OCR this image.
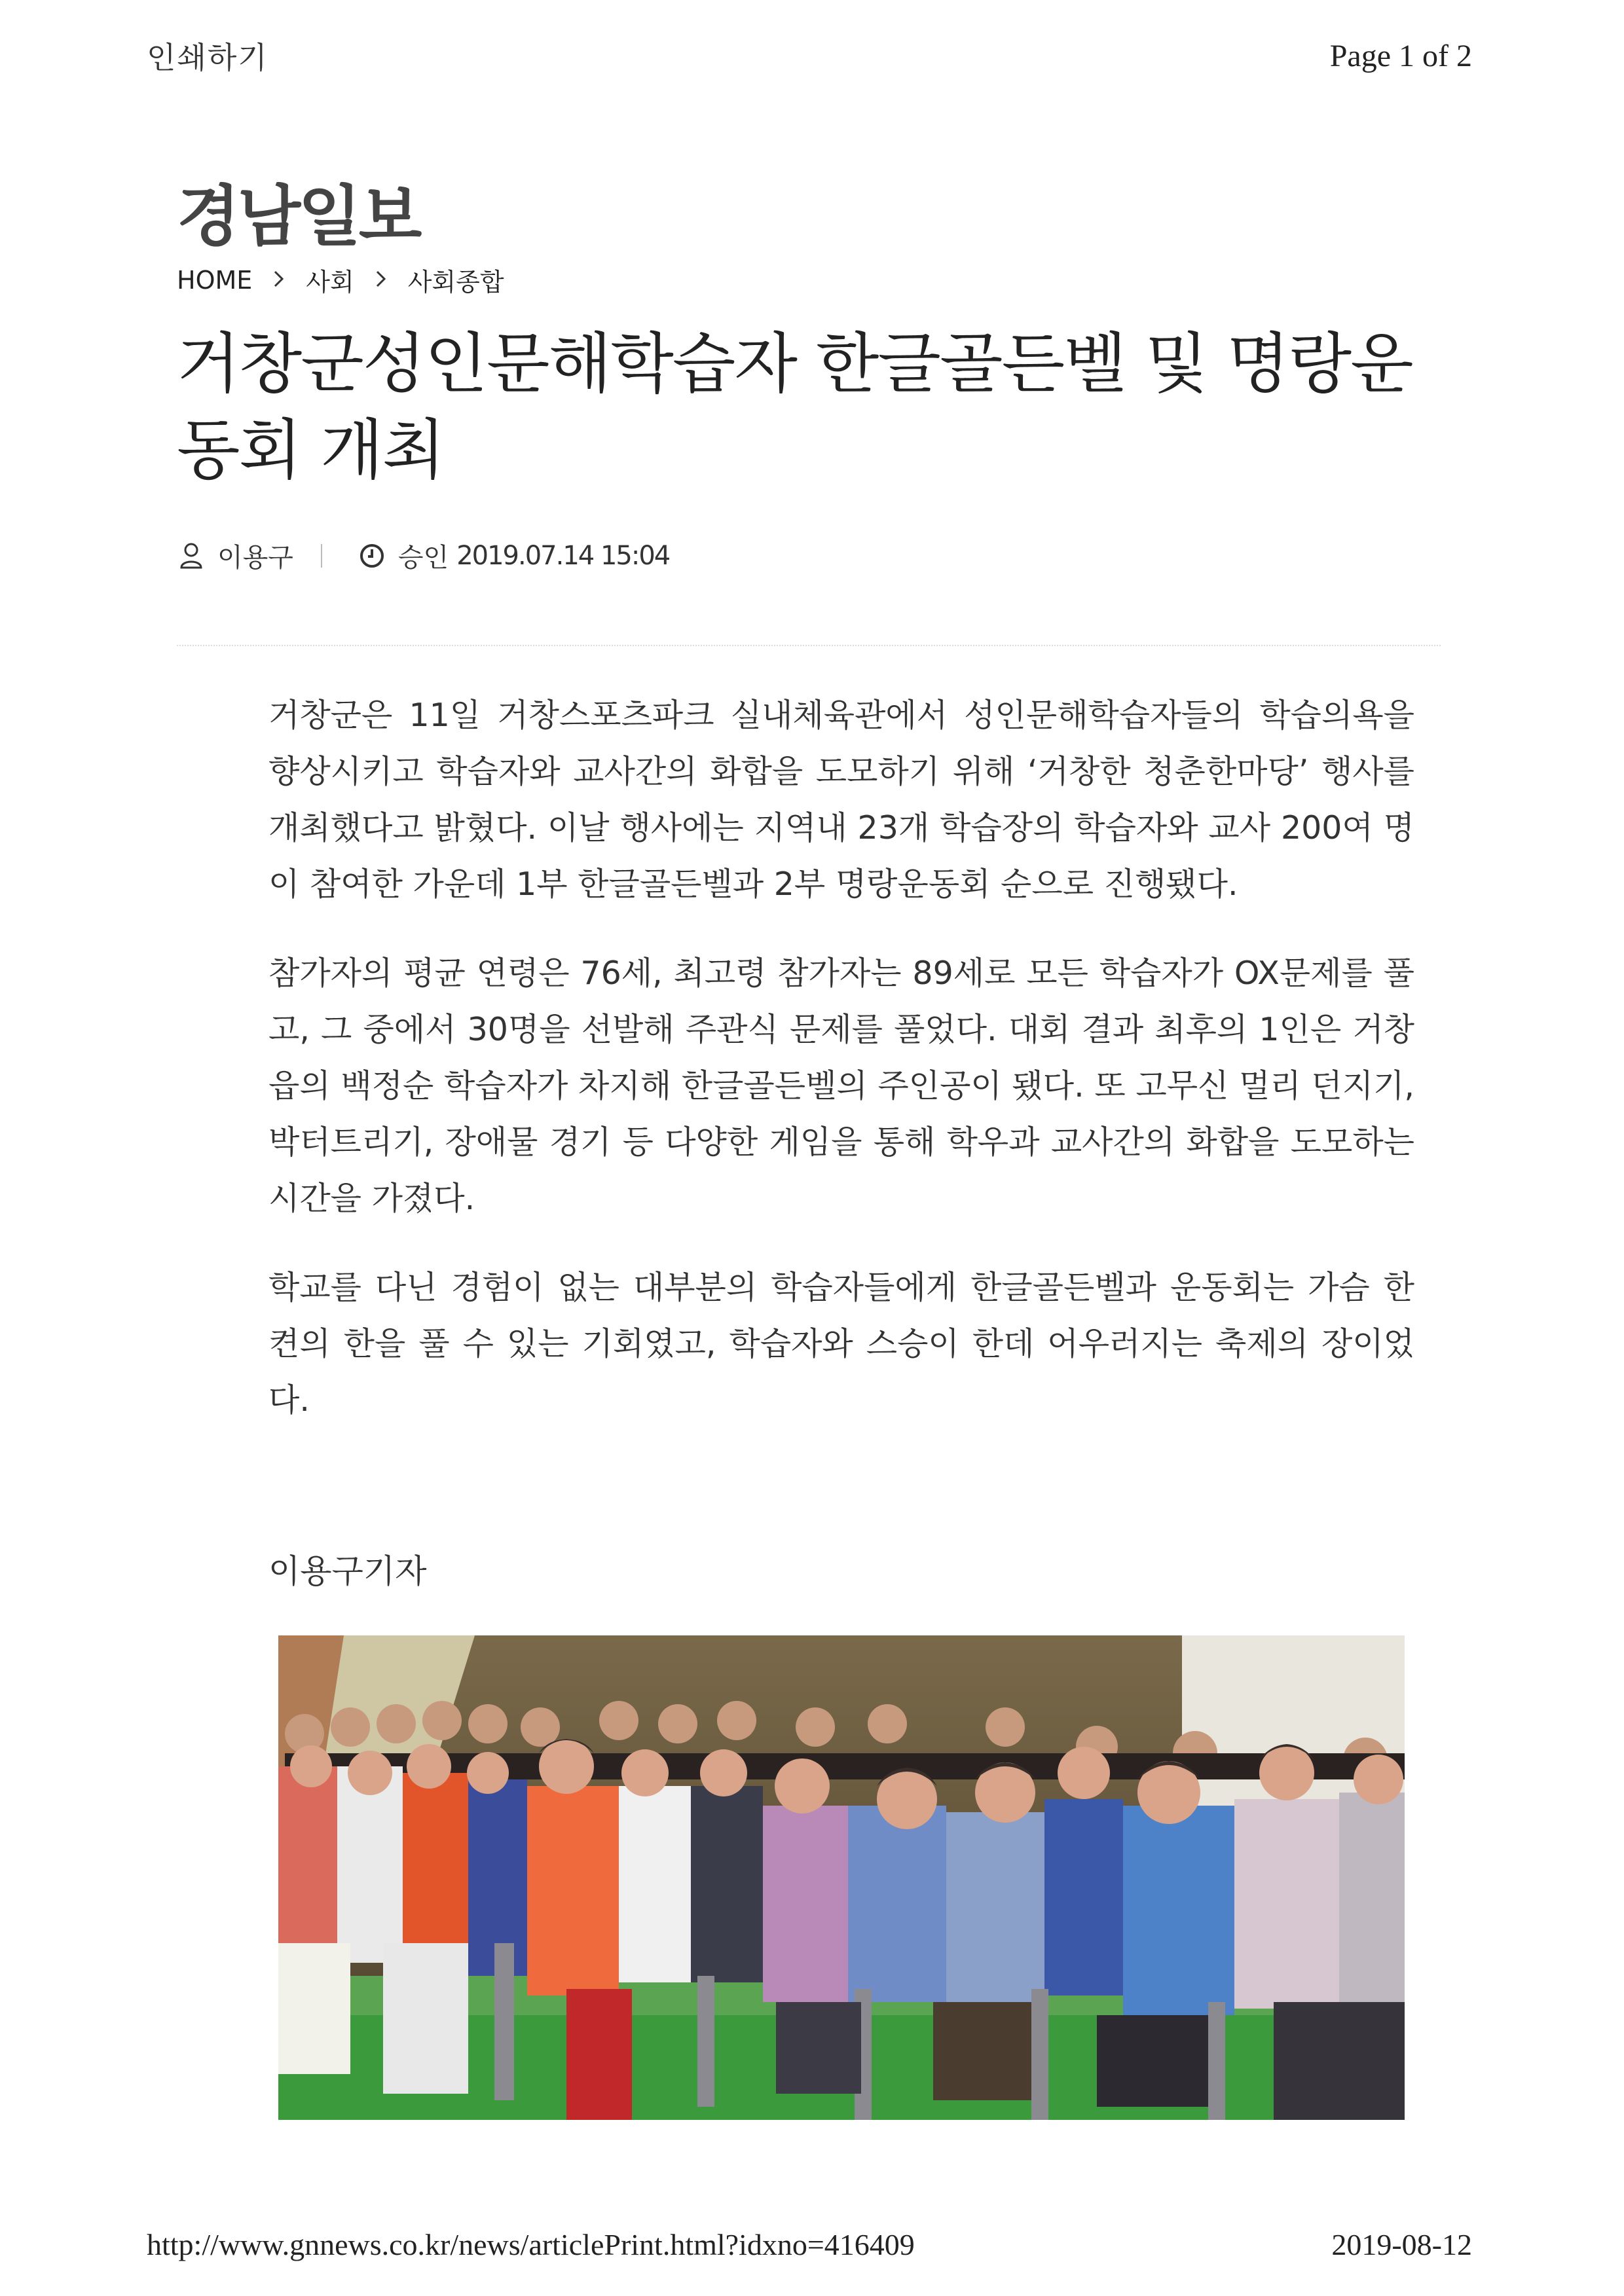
인쇄하기	Page 1 of 2
경남일보
HOME 사회 사회종합
거창군성인문해학습자 한글골든벨 및 명랑운동회 개최
이용구	승인 2019.07.14 15:04

거창군은 11일 거창스포츠파크 실내체육관에서 성인문해학습자들의 학습의욕을 향상시키고 학습자와 교사간의 화합을 도모하기 위해 ‘거창한 청춘한마당’ 행사를 개최했다고 밝혔다. 이날 행사에는 지역내 23개 학습장의 학습자와 교사 200여 명이 참여한 가운데 1부 한글골든벨과 2부 명랑운동회 순으로 진행됐다.

참가자의 평균 연령은 76세, 최고령 참가자는 89세로 모든 학습자가 OX문제를 풀고, 그 중에서 30명을 선발해 주관식 문제를 풀었다. 대회 결과 최후의 1인은 거창읍의 백정순 학습자가 차지해 한글골든벨의 주인공이 됐다. 또 고무신 멀리 던지기, 박터트리기, 장애물 경기 등 다양한 게임을 통해 학우과 교사간의 화합을 도모하는 시간을 가졌다.

학교를 다닌 경험이 없는 대부분의 학습자들에게 한글골든벨과 운동회는 가슴 한 켠의 한을 풀 수 있는 기회였고, 학습자와 스승이 한데 어우러지는 축제의 장이었다.

이용구기자
http://www.gnnews.co.kr/news/articlePrint.html?idxno=416409	2019-08-12
